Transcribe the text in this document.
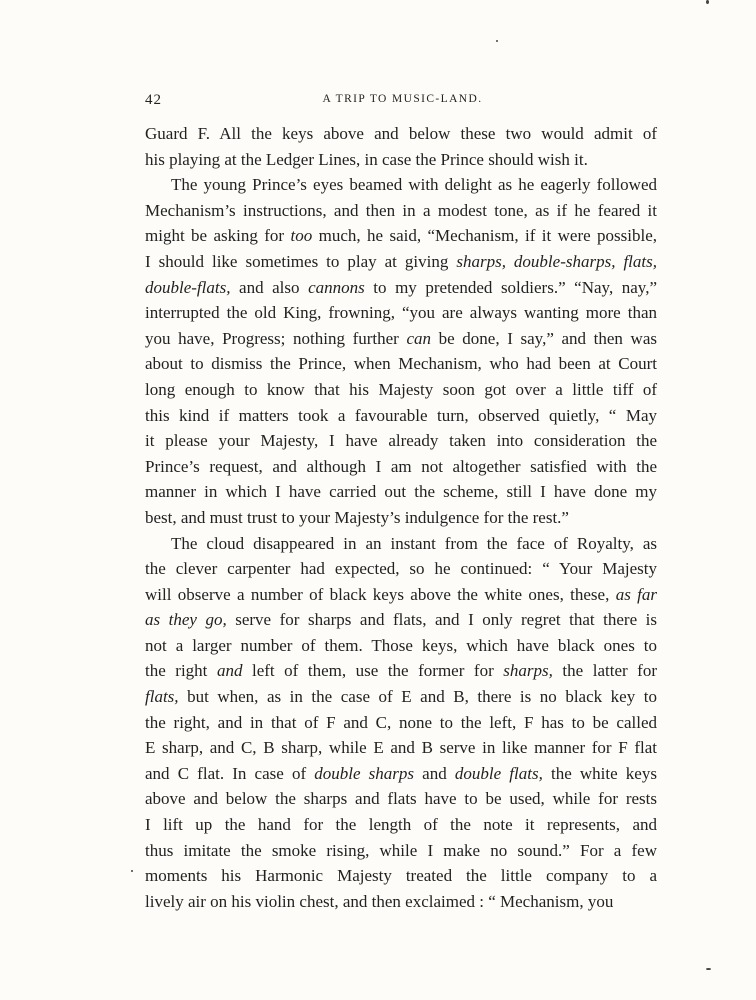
42	A TRIP TO MUSIC-LAND.
Guard F. All the keys above and below these two would admit of
his playing at the Ledger Lines, in case the Prince should wish it.
The young Prince’s eyes beamed with delight as he eagerly followed
Mechanism’s instructions, and then in a modest tone, as if he feared it
might be asking for too much, he said, “Mechanism, if it were possible,
I should like sometimes to play at giving sharps, double-sharps, flats,
double-flats, and also cannons to my pretended soldiers.” “Nay, nay,”
interrupted the old King, frowning, “you are always wanting more than
you have, Progress; nothing further can be done, I say,” and then was
about to dismiss the Prince, when Mechanism, who had been at Court
long enough to know that his Majesty soon got over a little tiff of
this kind if matters took a favourable turn, observed quietly, “ May
it please your Majesty, I have already taken into consideration the
Prince’s request, and although I am not altogether satisfied with the
manner in which I have carried out the scheme, still I have done my
best, and must trust to your Majesty’s indulgence for the rest.”
The cloud disappeared in an instant from the face of Royalty, as
the clever carpenter had expected, so he continued: “ Your Majesty
will observe a number of black keys above the white ones, these, as far
as they go, serve for sharps and flats, and I only regret that there is
not a larger number of them. Those keys, which have black ones to
the right and left of them, use the former for sharps, the latter for
flats, but when, as in the case of E and B, there is no black key to
the right, and in that of F and C, none to the left, F has to be called
E sharp, and C, B sharp, while E and B serve in like manner for F flat
and C flat. In case of double sharps and double flats, the white keys
above and below the sharps and flats have to be used, while for rests
I lift up the hand for the length of the note it represents, and
thus imitate the smoke rising, while I make no sound.” For a few
moments his Harmonic Majesty treated the little company to a
lively air on his violin chest, and then exclaimed : “ Mechanism, you
